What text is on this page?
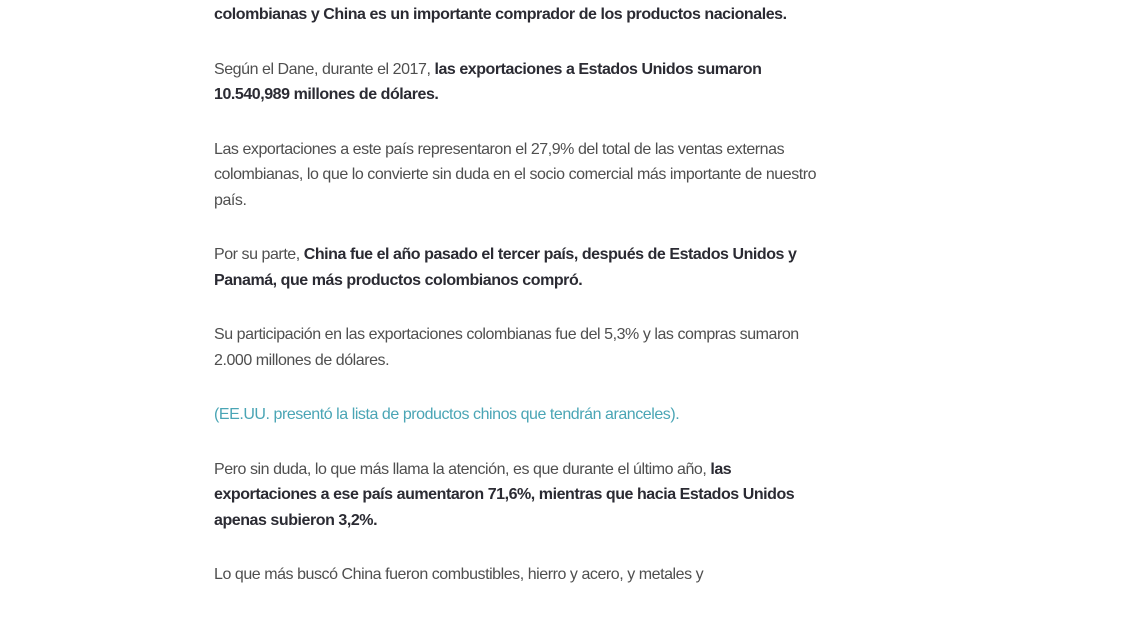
colombianas y China es un importante comprador de los productos nacionales.

Según el Dane, durante el 2017, las exportaciones a Estados Unidos sumaron 10.540,989 millones de dólares.

Las exportaciones a este país representaron el 27,9% del total de las ventas externas colombianas, lo que lo convierte sin duda en el socio comercial más importante de nuestro país.

Por su parte, China fue el año pasado el tercer país, después de Estados Unidos y Panamá, que más productos colombianos compró.

Su participación en las exportaciones colombianas fue del 5,3% y las compras sumaron 2.000 millones de dólares.

(EE.UU. presentó la lista de productos chinos que tendrán aranceles).

Pero sin duda, lo que más llama la atención, es que durante el último año, las exportaciones a ese país aumentaron 71,6%, mientras que hacia Estados Unidos apenas subieron 3,2%.

Lo que más buscó China fueron combustibles, hierro y acero, y metales y
